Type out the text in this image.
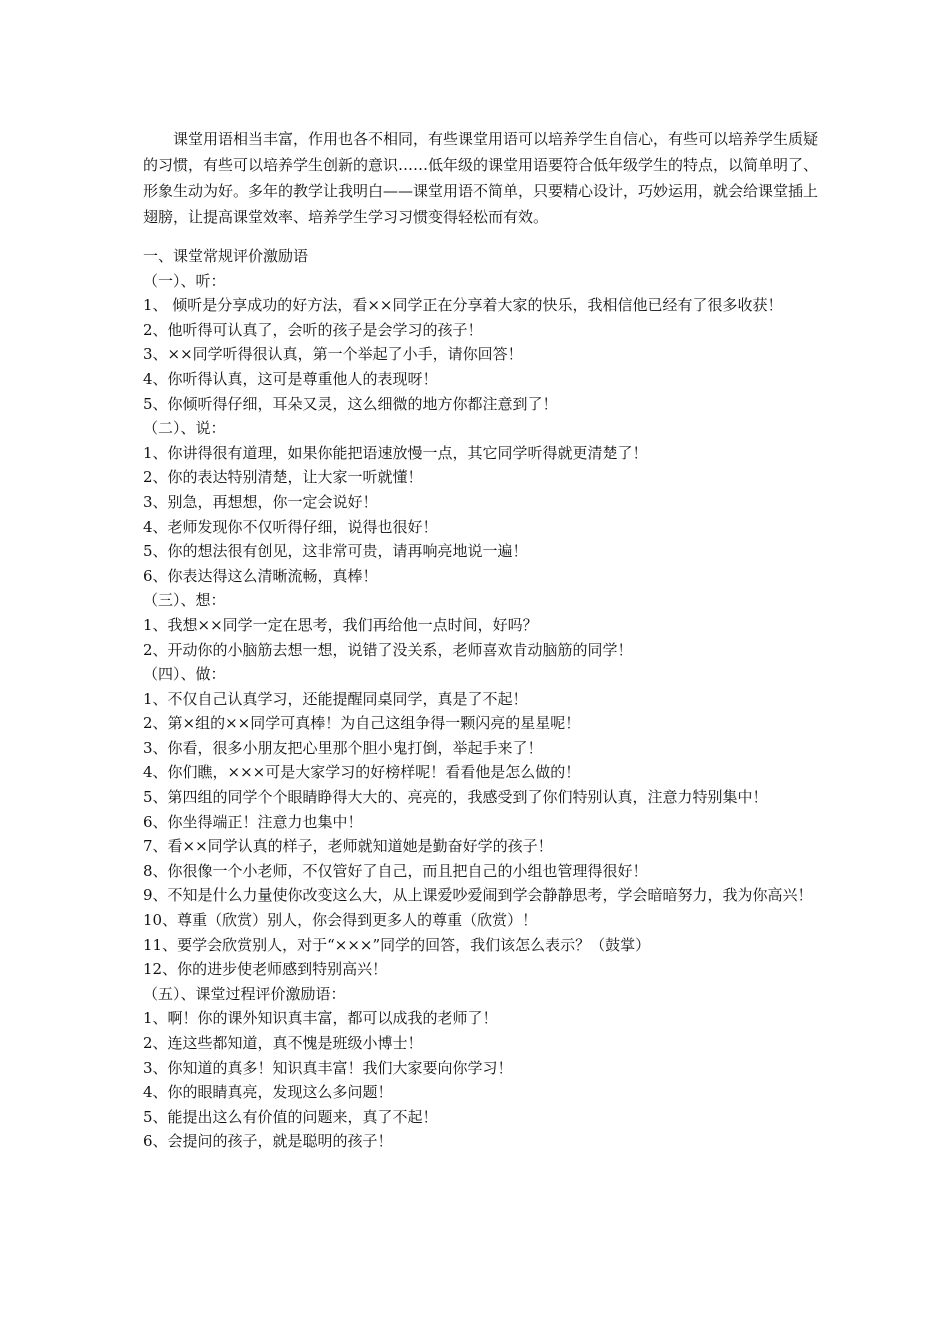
课堂用语相当丰富，作用也各不相同，有些课堂用语可以培养学生自信心，有些可以培养学生质疑的习惯，有些可以培养学生创新的意识……低年级的课堂用语要符合低年级学生的特点，以简单明了、形象生动为好。多年的教学让我明白——课堂用语不简单，只要精心设计，巧妙运用，就会给课堂插上翅膀，让提高课堂效率、培养学生学习习惯变得轻松而有效。

一、课堂常规评价激励语

（一）、听：

1、 倾听是分享成功的好方法，看××同学正在分享着大家的快乐，我相信他已经有了很多收获！

2、他听得可认真了，会听的孩子是会学习的孩子！

3、××同学听得很认真，第一个举起了小手，请你回答！

4、你听得认真，这可是尊重他人的表现呀！

5、你倾听得仔细，耳朵又灵，这么细微的地方你都注意到了！

（二）、说：

1、你讲得很有道理，如果你能把语速放慢一点，其它同学听得就更清楚了！

2、你的表达特别清楚，让大家一听就懂！

3、别急，再想想，你一定会说好！

4、老师发现你不仅听得仔细，说得也很好！

5、你的想法很有创见，这非常可贵，请再响亮地说一遍！

6、你表达得这么清晰流畅，真棒！

（三）、想：

1、我想××同学一定在思考，我们再给他一点时间，好吗？

2、开动你的小脑筋去想一想，说错了没关系，老师喜欢肯动脑筋的同学！

（四）、做：

1、不仅自己认真学习，还能提醒同桌同学，真是了不起！

2、第×组的××同学可真棒！为自己这组争得一颗闪亮的星星呢！

3、你看，很多小朋友把心里那个胆小鬼打倒，举起手来了！

4、你们瞧，×××可是大家学习的好榜样呢！看看他是怎么做的！

5、第四组的同学个个眼睛睁得大大的、亮亮的，我感受到了你们特别认真，注意力特别集中！

6、你坐得端正！注意力也集中！

7、看××同学认真的样子，老师就知道她是勤奋好学的孩子！

8、你很像一个小老师，不仅管好了自己，而且把自己的小组也管理得很好！

9、不知是什么力量使你改变这么大，从上课爱吵爱闹到学会静静思考，学会暗暗努力，我为你高兴！

10、尊重（欣赏）别人，你会得到更多人的尊重（欣赏）！

11、要学会欣赏别人，对于“×××”同学的回答，我们该怎么表示？（鼓掌）

12、你的进步使老师感到特别高兴！

（五）、课堂过程评价激励语：

1、啊！你的课外知识真丰富，都可以成我的老师了！

2、连这些都知道，真不愧是班级小博士！

3、你知道的真多！知识真丰富！我们大家要向你学习！

4、你的眼睛真亮，发现这么多问题！

5、能提出这么有价值的问题来，真了不起！

6、会提问的孩子，就是聪明的孩子！
